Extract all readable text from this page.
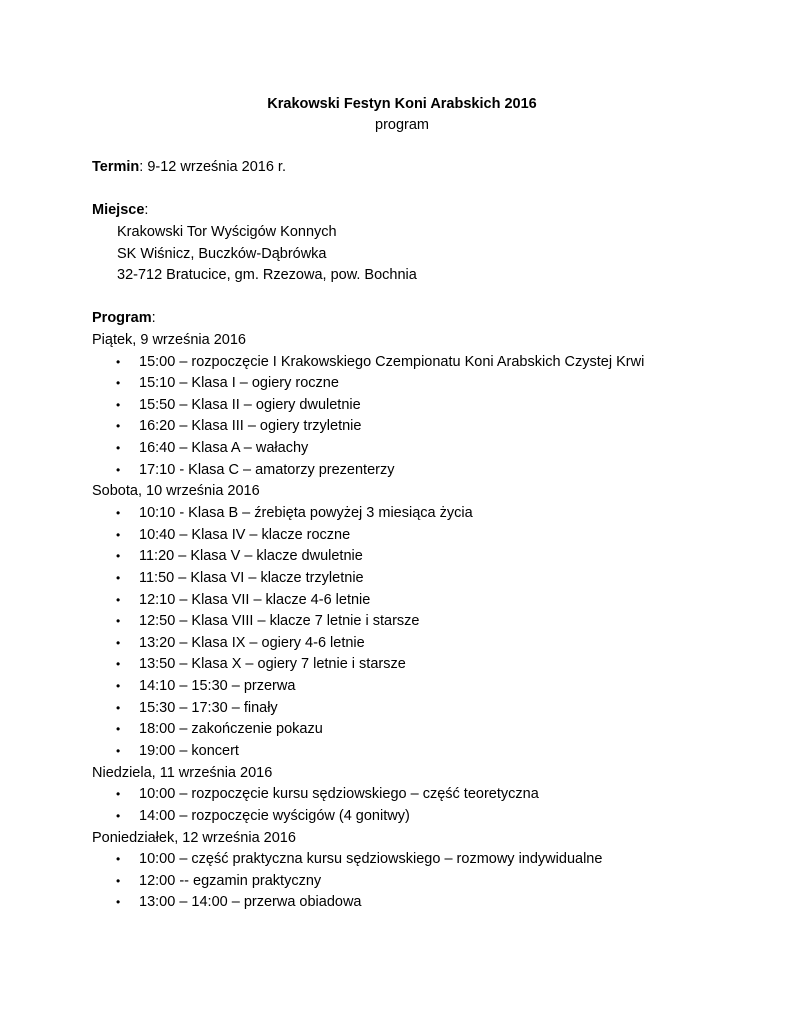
Krakowski Festyn Koni Arabskich 2016
program
Termin: 9-12 września 2016 r.
Miejsce:
Krakowski Tor Wyścigów Konnych
SK Wiśnicz, Buczków-Dąbrówka
32-712 Bratucice, gm. Rzezowa, pow. Bochnia
Program:
Piątek, 9 września 2016
• 15:00 – rozpoczęcie I Krakowskiego Czempionatu Koni Arabskich Czystej Krwi
• 15:10 – Klasa I – ogiery roczne
• 15:50 – Klasa II – ogiery dwuletnie
• 16:20 – Klasa III – ogiery trzyletnie
• 16:40 – Klasa A – wałachy
• 17:10 - Klasa C – amatorzy prezenterzy
Sobota, 10 września 2016
• 10:10 - Klasa B – źrebięta powyżej 3 miesiąca życia
• 10:40 – Klasa IV – klacze roczne
• 11:20 – Klasa V – klacze dwuletnie
• 11:50 – Klasa VI – klacze trzyletnie
• 12:10 – Klasa VII – klacze 4-6 letnie
• 12:50 – Klasa VIII – klacze 7 letnie i starsze
• 13:20 – Klasa IX – ogiery 4-6 letnie
• 13:50 – Klasa X – ogiery 7 letnie i starsze
• 14:10 – 15:30 – przerwa
• 15:30 – 17:30 – finały
• 18:00 – zakończenie pokazu
• 19:00 – koncert
Niedziela, 11 września 2016
• 10:00 – rozpoczęcie kursu sędziowskiego – część teoretyczna
• 14:00 – rozpoczęcie wyścigów (4 gonitwy)
Poniedziałek, 12 września 2016
• 10:00 – część praktyczna kursu sędziowskiego – rozmowy indywidualne
• 12:00 -- egzamin praktyczny
• 13:00 – 14:00 – przerwa obiadowa
